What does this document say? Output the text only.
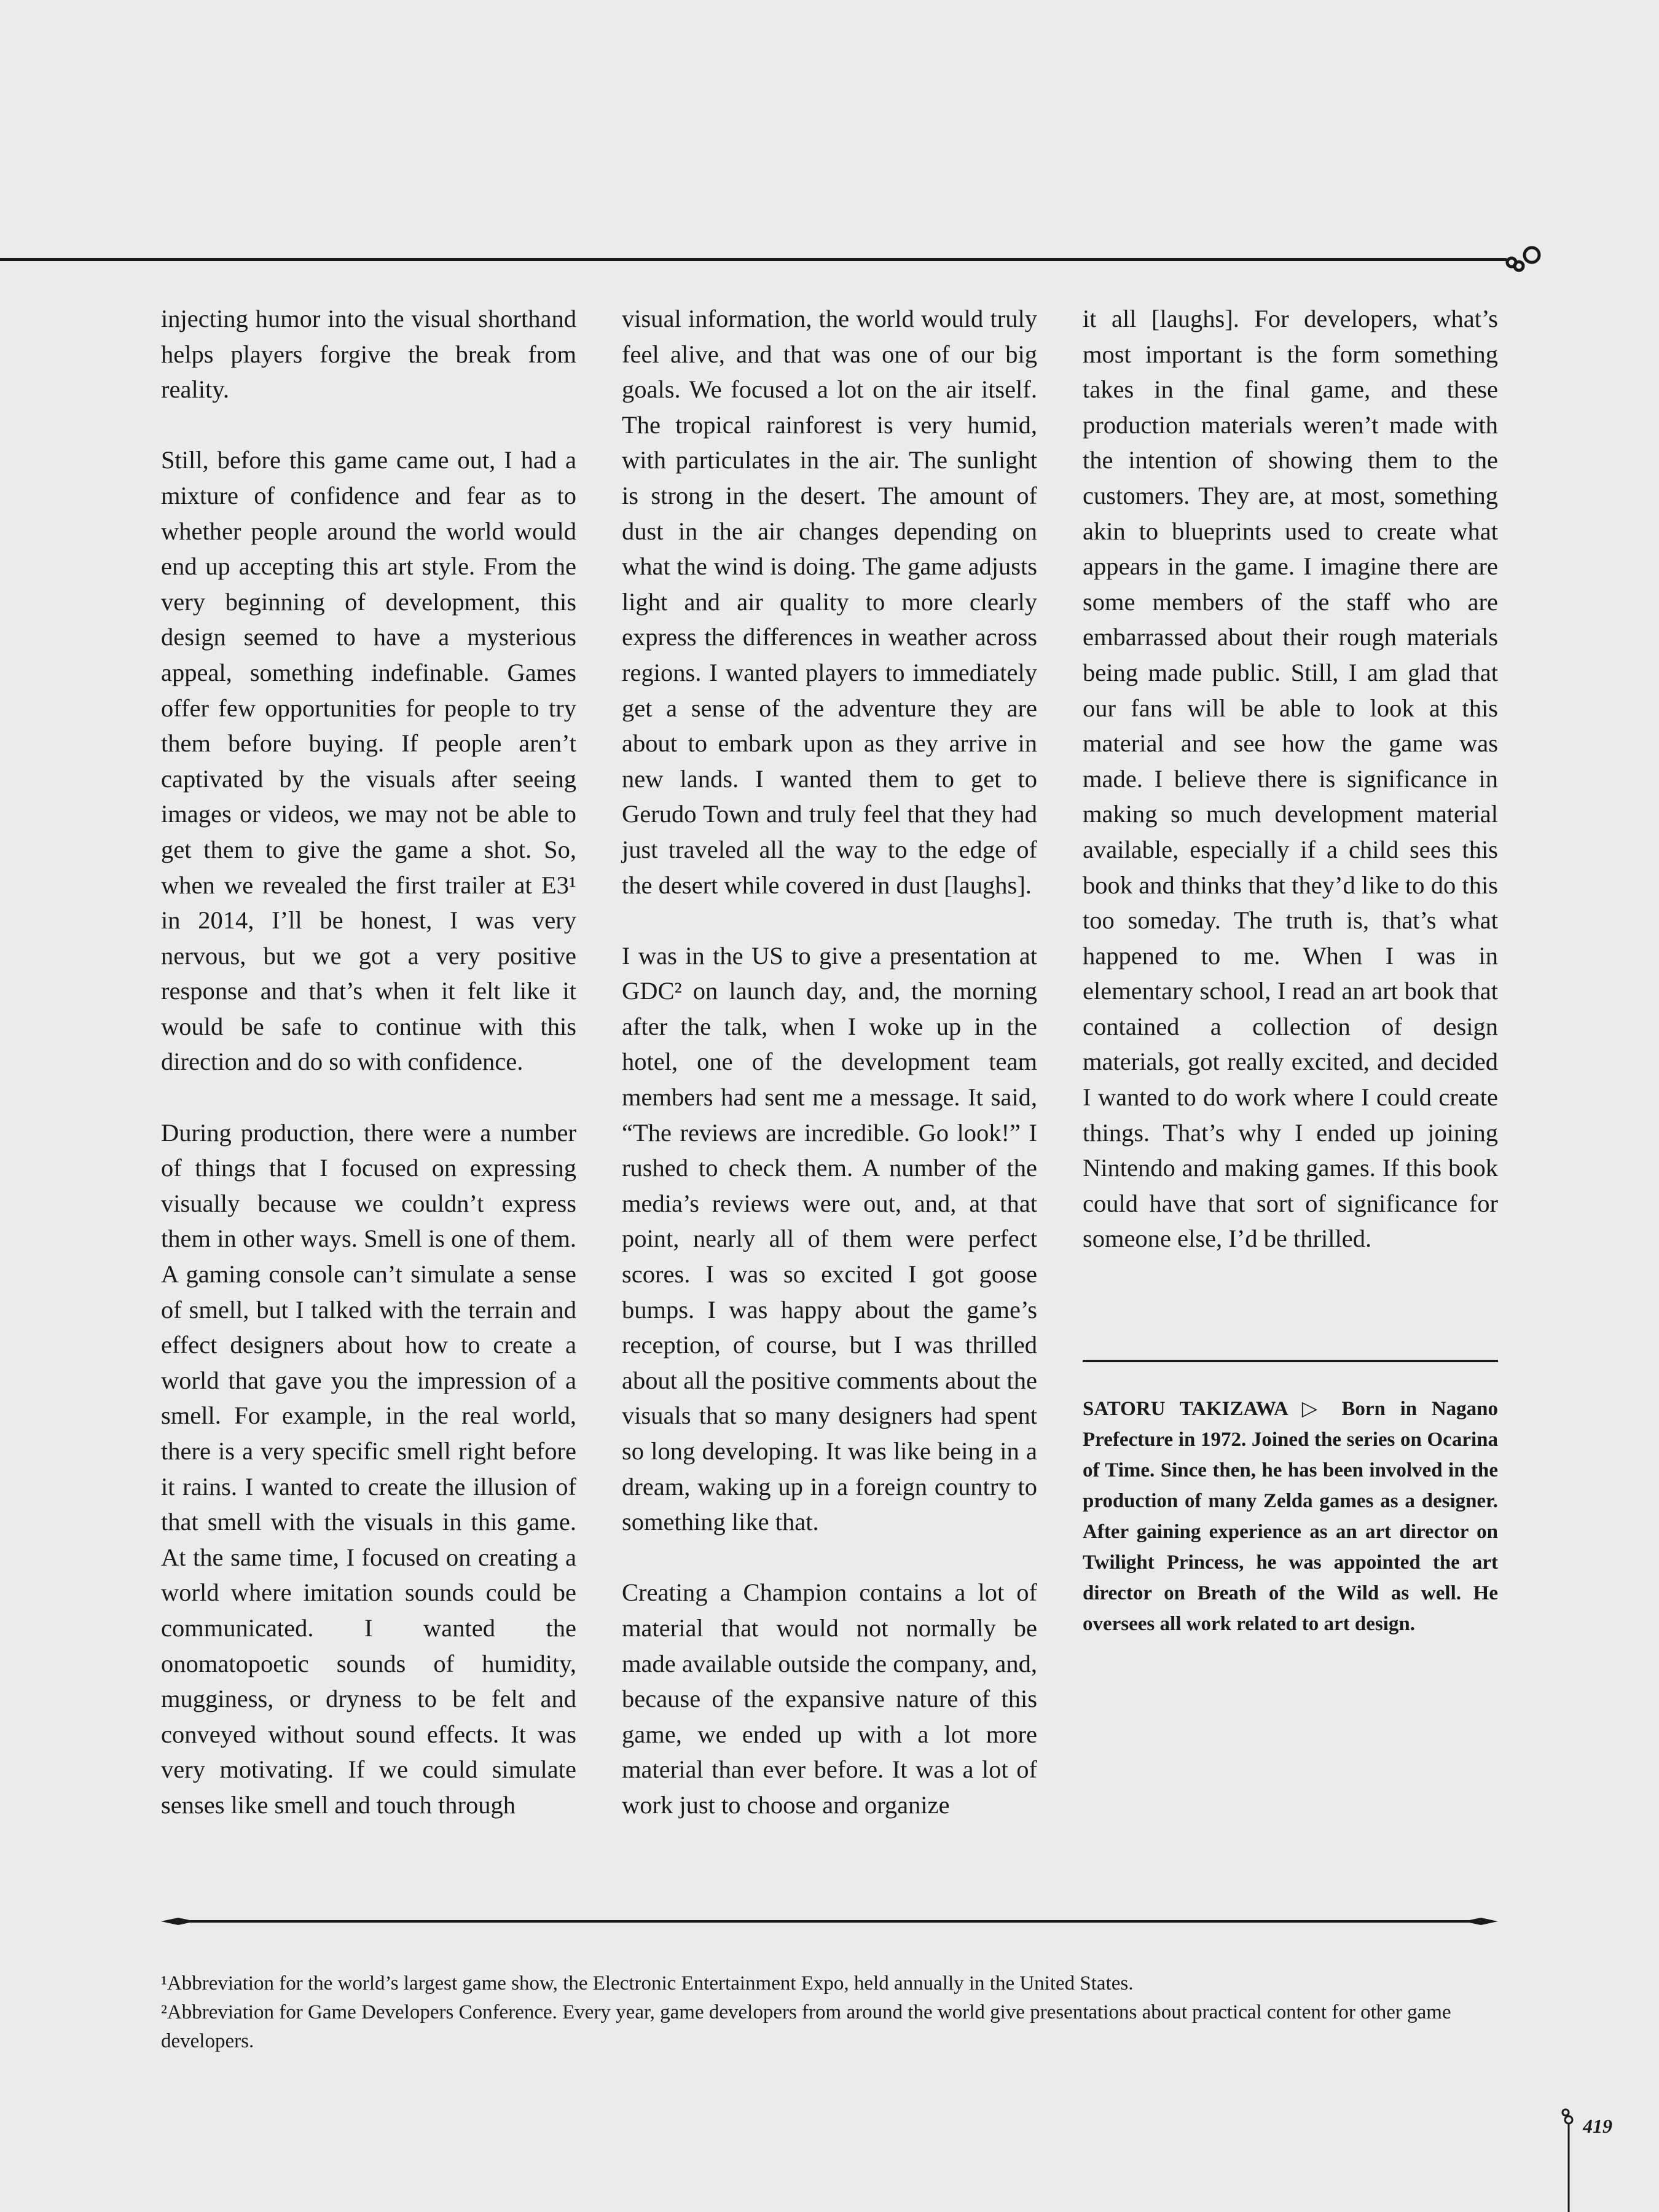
injecting humor into the visual shorthand helps players forgive the break from reality.

Still, before this game came out, I had a mixture of confidence and fear as to whether people around the world would end up accepting this art style. From the very beginning of development, this design seemed to have a mysterious appeal, something indefinable. Games offer few opportunities for people to try them before buying. If people aren’t captivated by the visuals after seeing images or videos, we may not be able to get them to give the game a shot. So, when we revealed the first trailer at E3¹ in 2014, I’ll be honest, I was very nervous, but we got a very positive response and that’s when it felt like it would be safe to continue with this direction and do so with confidence.

During production, there were a number of things that I focused on expressing visually because we couldn’t express them in other ways. Smell is one of them. A gaming console can’t simulate a sense of smell, but I talked with the terrain and effect designers about how to create a world that gave you the impression of a smell. For example, in the real world, there is a very specific smell right before it rains. I wanted to create the illusion of that smell with the visuals in this game. At the same time, I focused on creating a world where imitation sounds could be communicated. I wanted the onomatopoetic sounds of humidity, mugginess, or dryness to be felt and conveyed without sound effects. It was very motivating. If we could simulate senses like smell and touch through

visual information, the world would truly feel alive, and that was one of our big goals. We focused a lot on the air itself. The tropical rainforest is very humid, with particulates in the air. The sunlight is strong in the desert. The amount of dust in the air changes depending on what the wind is doing. The game adjusts light and air quality to more clearly express the differences in weather across regions. I wanted players to immediately get a sense of the adventure they are about to embark upon as they arrive in new lands. I wanted them to get to Gerudo Town and truly feel that they had just traveled all the way to the edge of the desert while covered in dust [laughs].

I was in the US to give a presentation at GDC² on launch day, and, the morning after the talk, when I woke up in the hotel, one of the development team members had sent me a message. It said, “The reviews are incredible. Go look!” I rushed to check them. A number of the media’s reviews were out, and, at that point, nearly all of them were perfect scores. I was so excited I got goose bumps. I was happy about the game’s reception, of course, but I was thrilled about all the positive comments about the visuals that so many designers had spent so long developing. It was like being in a dream, waking up in a foreign country to something like that.

Creating a Champion contains a lot of material that would not normally be made available outside the company, and, because of the expansive nature of this game, we ended up with a lot more material than ever before. It was a lot of work just to choose and organize

it all [laughs]. For developers, what’s most important is the form something takes in the final game, and these production materials weren’t made with the intention of showing them to the customers. They are, at most, something akin to blueprints used to create what appears in the game. I imagine there are some members of the staff who are embarrassed about their rough materials being made public. Still, I am glad that our fans will be able to look at this material and see how the game was made. I believe there is significance in making so much development material available, especially if a child sees this book and thinks that they’d like to do this too someday. The truth is, that’s what happened to me. When I was in elementary school, I read an art book that contained a collection of design materials, got really excited, and decided I wanted to do work where I could create things. That’s why I ended up joining Nintendo and making games. If this book could have that sort of significance for someone else, I’d be thrilled.

SATORU TAKIZAWA ▷ Born in Nagano Prefecture in 1972. Joined the series on Ocarina of Time. Since then, he has been involved in the production of many Zelda games as a designer. After gaining experience as an art director on Twilight Princess, he was appointed the art director on Breath of the Wild as well. He oversees all work related to art design.

¹Abbreviation for the world’s largest game show, the Electronic Entertainment Expo, held annually in the United States.

²Abbreviation for Game Developers Conference. Every year, game developers from around the world give presentations about practical content for other game developers.

419
